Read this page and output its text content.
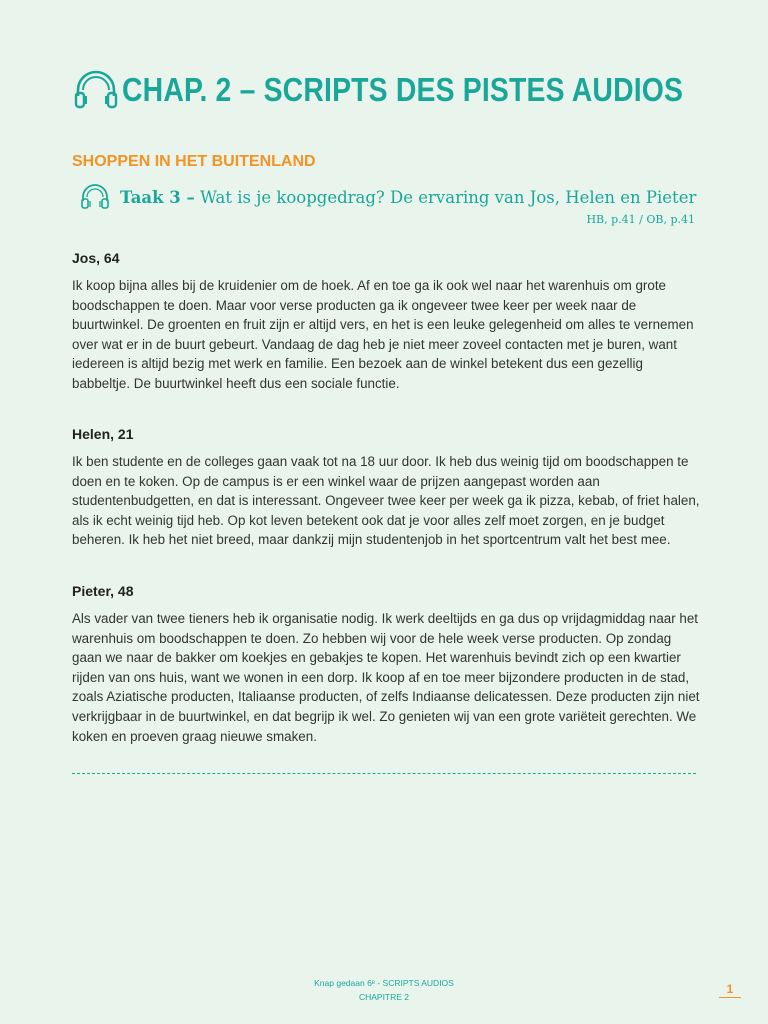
CHAP. 2 – SCRIPTS DES PISTES AUDIOS
SHOPPEN IN HET BUITENLAND
Taak 3 – Wat is je koopgedrag? De ervaring van Jos, Helen en Pieter
HB, p.41 / OB, p.41
Jos, 64

Ik koop bijna alles bij de kruidenier om de hoek. Af en toe ga ik ook wel naar het warenhuis om grote boodschappen te doen. Maar voor verse producten ga ik ongeveer twee keer per week naar de buurtwinkel. De groenten en fruit zijn er altijd vers, en het is een leuke gelegenheid om alles te vernemen over wat er in de buurt gebeurt. Vandaag de dag heb je niet meer zoveel contacten met je buren, want iedereen is altijd bezig met werk en familie. Een bezoek aan de winkel betekent dus een gezellig babbeltje. De buurtwinkel heeft dus een sociale functie.

Helen, 21

Ik ben studente en de colleges gaan vaak tot na 18 uur door. Ik heb dus weinig tijd om boodschappen te doen en te koken. Op de campus is er een winkel waar de prijzen aangepast worden aan studentenbudgetten, en dat is interessant. Ongeveer twee keer per week ga ik pizza, kebab, of friet halen, als ik echt weinig tijd heb. Op kot leven betekent ook dat je voor alles zelf moet zorgen, en je budget beheren. Ik heb het niet breed, maar dankzij mijn studentenjob in het sportcentrum valt het best mee.

Pieter, 48

Als vader van twee tieners heb ik organisatie nodig. Ik werk deeltijds en ga dus op vrijdagmiddag naar het warenhuis om boodschappen te doen. Zo hebben wij voor de hele week verse producten. Op zondag gaan we naar de bakker om koekjes en gebakjes te kopen. Het warenhuis bevindt zich op een kwartier rijden van ons huis, want we wonen in een dorp. Ik koop af en toe meer bijzondere producten in de stad, zoals Aziatische producten, Italiaanse producten, of zelfs Indiaanse delicatessen. Deze producten zijn niet verkrijgbaar in de buurtwinkel, en dat begrijp ik wel. Zo genieten wij van een grote variëteit gerechten. We koken en proeven graag nieuwe smaken.

Knap gedaan 6ᵉ - SCRIPTS AUDIOS
CHAPITRE 2
1
